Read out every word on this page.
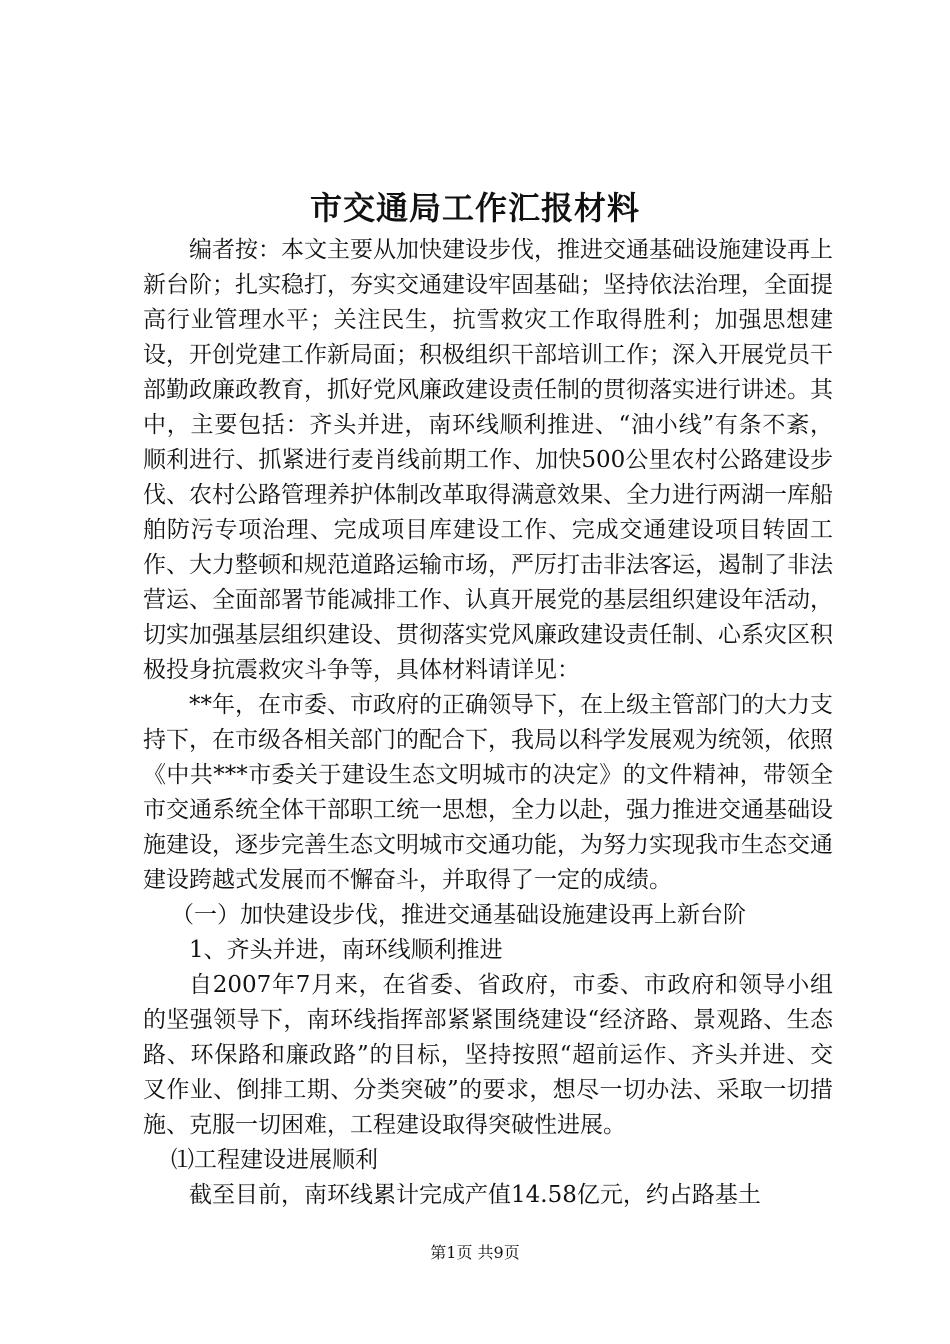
市交通局工作汇报材料

编者按：本文主要从加快建设步伐，推进交通基础设施建设再上新台阶；扎实稳打，夯实交通建设牢固基础；坚持依法治理，全面提高行业管理水平；关注民生，抗雪救灾工作取得胜利；加强思想建设，开创党建工作新局面；积极组织干部培训工作；深入开展党员干部勤政廉政教育，抓好党风廉政建设责任制的贯彻落实进行讲述。其中，主要包括：齐头并进，南环线顺利推进、“油小线”有条不紊，顺利进行、抓紧进行麦肖线前期工作、加快500公里农村公路建设步伐、农村公路管理养护体制改革取得满意效果、全力进行两湖一库船舶防污专项治理、完成项目库建设工作、完成交通建设项目转固工作、大力整顿和规范道路运输市场，严厉打击非法客运，遏制了非法营运、全面部署节能减排工作、认真开展党的基层组织建设年活动，切实加强基层组织建设、贯彻落实党风廉政建设责任制、心系灾区积极投身抗震救灾斗争等，具体材料请详见：

**年，在市委、市政府的正确领导下，在上级主管部门的大力支持下，在市级各相关部门的配合下，我局以科学发展观为统领，依照《中共***市委关于建设生态文明城市的决定》的文件精神，带领全市交通系统全体干部职工统一思想，全力以赴，强力推进交通基础设施建设，逐步完善生态文明城市交通功能，为努力实现我市生态交通建设跨越式发展而不懈奋斗，并取得了一定的成绩。

（一）加快建设步伐，推进交通基础设施建设再上新台阶

1、齐头并进，南环线顺利推进

自2007年7月来，在省委、省政府，市委、市政府和领导小组的坚强领导下，南环线指挥部紧紧围绕建设“经济路、景观路、生态路、环保路和廉政路”的目标，坚持按照“超前运作、齐头并进、交叉作业、倒排工期、分类突破”的要求，想尽一切办法、采取一切措施、克服一切困难，工程建设取得突破性进展。

⑴工程建设进展顺利

截至目前，南环线累计完成产值14.58亿元，约占路基土

第1页 共9页
